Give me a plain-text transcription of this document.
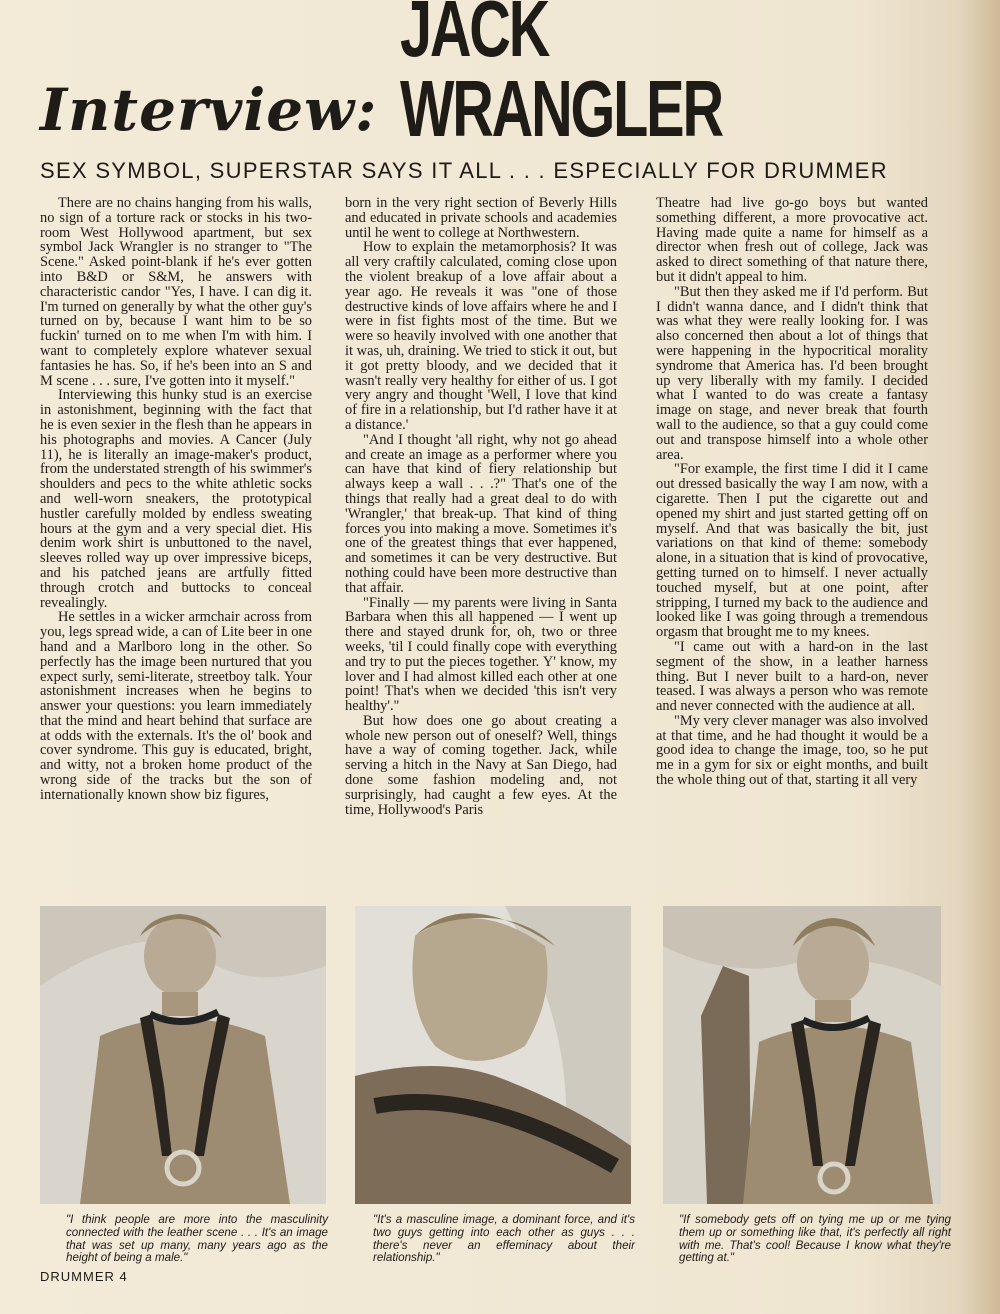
Interview:
JACK WRANGLER
SEX SYMBOL, SUPERSTAR SAYS IT ALL . . . ESPECIALLY FOR DRUMMER

There are no chains hanging from his walls, no sign of a torture rack or stocks in his two-room West Hollywood apartment, but sex symbol Jack Wrangler is no stranger to "The Scene." Asked point-blank if he's ever gotten into B&D or S&M, he answers with characteristic candor "Yes, I have. I can dig it. I'm turned on generally by what the other guy's turned on by, because I want him to be so fuckin' turned on to me when I'm with him. I want to completely explore whatever sexual fantasies he has. So, if he's been into an S and M scene . . . sure, I've gotten into it myself."

Interviewing this hunky stud is an exercise in astonishment, beginning with the fact that he is even sexier in the flesh than he appears in his photographs and movies. A Cancer (July 11), he is literally an image-maker's product, from the understated strength of his swimmer's shoulders and pecs to the white athletic socks and well-worn sneakers, the prototypical hustler carefully molded by endless sweating hours at the gym and a very special diet. His denim work shirt is unbuttoned to the navel, sleeves rolled way up over impressive biceps, and his patched jeans are artfully fitted through crotch and buttocks to conceal revealingly.

He settles in a wicker armchair across from you, legs spread wide, a can of Lite beer in one hand and a Marlboro long in the other. So perfectly has the image been nurtured that you expect surly, semi-literate, streetboy talk. Your astonishment increases when he begins to answer your questions: you learn immediately that the mind and heart behind that surface are at odds with the externals. It's the ol' book and cover syndrome. This guy is educated, bright, and witty, not a broken home product of the wrong side of the tracks but the son of internationally known show biz figures,

born in the very right section of Beverly Hills and educated in private schools and academies until he went to college at Northwestern.

How to explain the metamorphosis? It was all very craftily calculated, coming close upon the violent breakup of a love affair about a year ago. He reveals it was "one of those destructive kinds of love affairs where he and I were in fist fights most of the time. But we were so heavily involved with one another that it was, uh, draining. We tried to stick it out, but it got pretty bloody, and we decided that it wasn't really very healthy for either of us. I got very angry and thought 'Well, I love that kind of fire in a relationship, but I'd rather have it at a distance.'

"And I thought 'all right, why not go ahead and create an image as a performer where you can have that kind of fiery relationship but always keep a wall . . .?" That's one of the things that really had a great deal to do with 'Wrangler,' that break-up. That kind of thing forces you into making a move. Sometimes it's one of the greatest things that ever happened, and sometimes it can be very destructive. But nothing could have been more destructive than that affair.

"Finally — my parents were living in Santa Barbara when this all happened — I went up there and stayed drunk for, oh, two or three weeks, 'til I could finally cope with everything and try to put the pieces together. Y' know, my lover and I had almost killed each other at one point! That's when we decided 'this isn't very healthy'."

But how does one go about creating a whole new person out of oneself? Well, things have a way of coming together. Jack, while serving a hitch in the Navy at San Diego, had done some fashion modeling and, not surprisingly, had caught a few eyes. At the time, Hollywood's Paris

Theatre had live go-go boys but wanted something different, a more provocative act. Having made quite a name for himself as a director when fresh out of college, Jack was asked to direct something of that nature there, but it didn't appeal to him.

"But then they asked me if I'd perform. But I didn't wanna dance, and I didn't think that was what they were really looking for. I was also concerned then about a lot of things that were happening in the hypocritical morality syndrome that America has. I'd been brought up very liberally with my family. I decided what I wanted to do was create a fantasy image on stage, and never break that fourth wall to the audience, so that a guy could come out and transpose himself into a whole other area.

"For example, the first time I did it I came out dressed basically the way I am now, with a cigarette. Then I put the cigarette out and opened my shirt and just started getting off on myself. And that was basically the bit, just variations on that kind of theme: somebody alone, in a situation that is kind of provocative, getting turned on to himself. I never actually touched myself, but at one point, after stripping, I turned my back to the audience and looked like I was going through a tremendous orgasm that brought me to my knees.

"I came out with a hard-on in the last segment of the show, in a leather harness thing. But I never built to a hard-on, never teased. I was always a person who was remote and never connected with the audience at all.

"My very clever manager was also involved at that time, and he had thought it would be a good idea to change the image, too, so he put me in a gym for six or eight months, and built the whole thing out of that, starting it all very

"I think people are more into the masculinity connected with the leather scene . . . It's an image that was set up many, many years ago as the height of being a male."
"It's a masculine image, a dominant force, and it's two guys getting into each other as guys . . . there's never an effeminacy about their relationship."
"If somebody gets off on tying me up or me tying them up or something like that, it's perfectly all right with me. That's cool! Because I know what they're getting at."
DRUMMER 4
